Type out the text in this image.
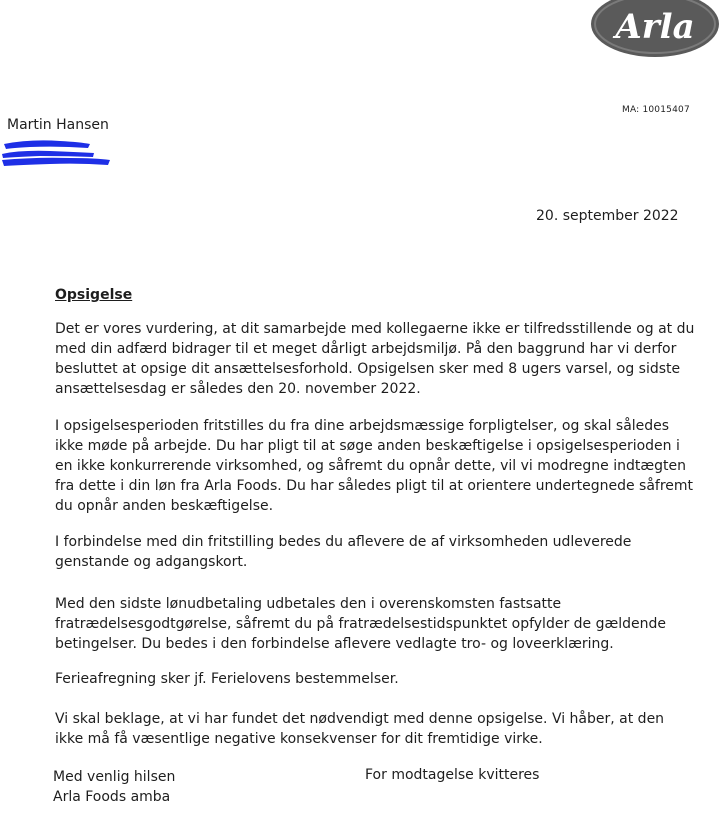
Arla
MA: 10015407
Martin Hansen
20. september 2022
Opsigelse

Det er vores vurdering, at dit samarbejde med kollegaerne ikke er tilfredsstillende og at du med din adfærd bidrager til et meget dårligt arbejdsmiljø. På den baggrund har vi derfor besluttet at opsige dit ansættelsesforhold. Opsigelsen sker med 8 ugers varsel, og sidste ansættelsesdag er således den 20. november 2022.

I opsigelsesperioden fritstilles du fra dine arbejdsmæssige forpligtelser, og skal således ikke møde på arbejde. Du har pligt til at søge anden beskæftigelse i opsigelsesperioden i en ikke konkurrerende virksomhed, og såfremt du opnår dette, vil vi modregne indtægten fra dette i din løn fra Arla Foods. Du har således pligt til at orientere undertegnede såfremt du opnår anden beskæftigelse.

I forbindelse med din fritstilling bedes du aflevere de af virksomheden udleverede genstande og adgangskort.

Med den sidste lønudbetaling udbetales den i overenskomsten fastsatte fratrædelsesgodtgørelse, såfremt du på fratrædelsestidspunktet opfylder de gældende betingelser. Du bedes i den forbindelse aflevere vedlagte tro- og loveerklæring.

Ferieafregning sker jf. Ferielovens bestemmelser.

Vi skal beklage, at vi har fundet det nødvendigt med denne opsigelse. Vi håber, at den ikke må få væsentlige negative konsekvenser for dit fremtidige virke.

Med venlig hilsen
Arla Foods amba
For modtagelse kvitteres
